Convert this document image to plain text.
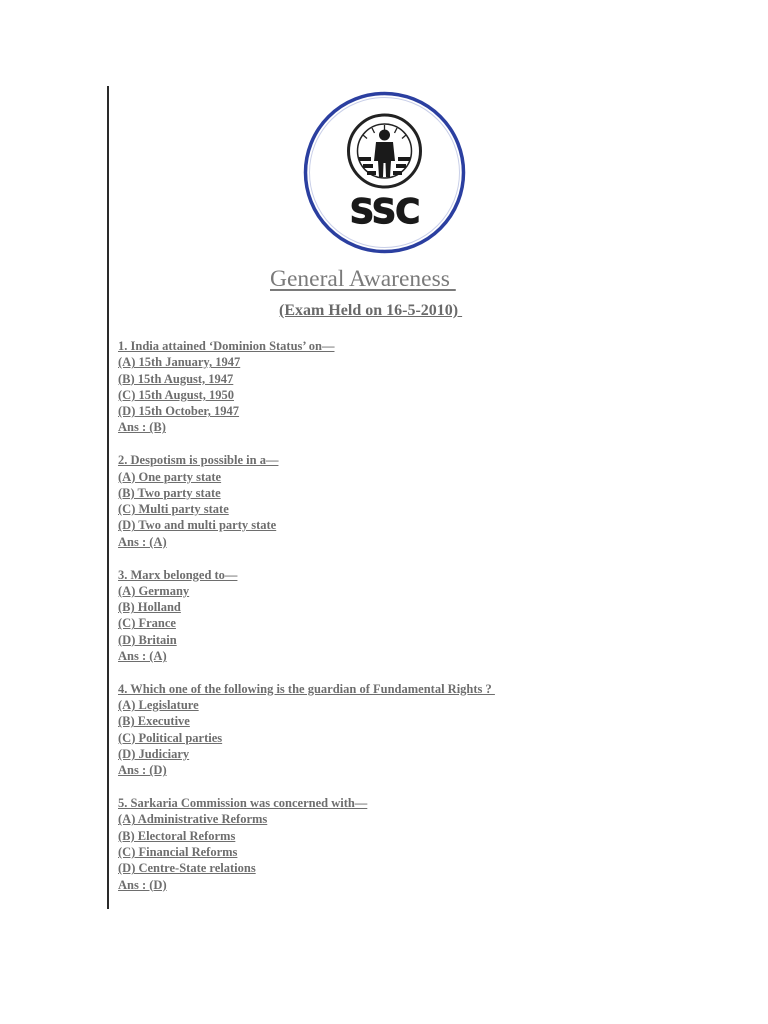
SSC
General Awareness
(Exam Held on 16-5-2010)
1. India attained ‘Dominion Status’ on—
(A) 15th January, 1947
(B) 15th August, 1947
(C) 15th August, 1950
(D) 15th October, 1947
Ans : (B)
2. Despotism is possible in a—
(A) One party state
(B) Two party state
(C) Multi party state
(D) Two and multi party state
Ans : (A)
3. Marx belonged to—
(A) Germany
(B) Holland
(C) France
(D) Britain
Ans : (A)
4. Which one of the following is the guardian of Fundamental Rights ?
(A) Legislature
(B) Executive
(C) Political parties
(D) Judiciary
Ans : (D)
5. Sarkaria Commission was concerned with—
(A) Administrative Reforms
(B) Electoral Reforms
(C) Financial Reforms
(D) Centre-State relations
Ans : (D)
